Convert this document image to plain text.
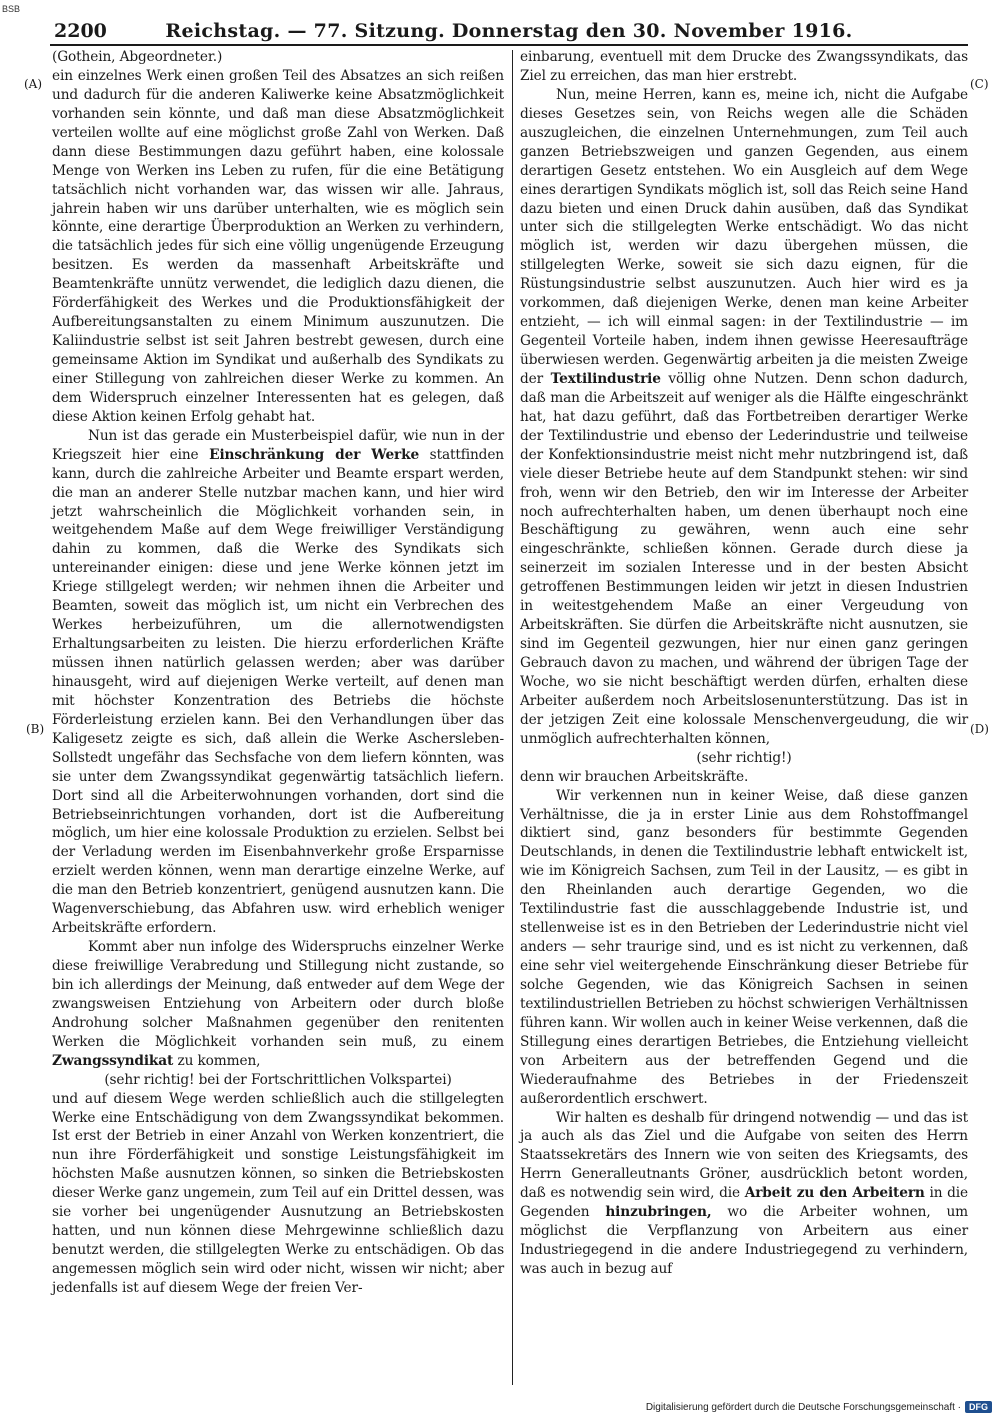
BSB
2200	Reichstag. — 77. Sitzung. Donnerstag den 30. November 1916.
(A)
(B)
(C)
(D)

(Gothein, Abgeordneter.)

ein einzelnes Werk einen großen Teil des Absatzes an sich reißen und dadurch für die anderen Kaliwerke keine Absatzmöglichkeit vorhanden sein könnte, und daß man diese Absatzmöglichkeit verteilen wollte auf eine möglichst große Zahl von Werken. Daß dann diese Bestimmungen dazu geführt haben, eine kolossale Menge von Werken ins Leben zu rufen, für die eine Betätigung tatsächlich nicht vorhanden war, das wissen wir alle. Jahraus, jahrein haben wir uns darüber unterhalten, wie es möglich sein könnte, eine derartige Überproduktion an Werken zu verhindern, die tatsächlich jedes für sich eine völlig ungenügende Erzeugung besitzen. Es werden da massenhaft Arbeitskräfte und Beamtenkräfte unnütz verwendet, die lediglich dazu dienen, die Förderfähigkeit des Werkes und die Produktionsfähigkeit der Aufbereitungsanstalten zu einem Minimum auszunutzen. Die Kaliindustrie selbst ist seit Jahren bestrebt gewesen, durch eine gemeinsame Aktion im Syndikat und außerhalb des Syndikats zu einer Stillegung von zahlreichen dieser Werke zu kommen. An dem Widerspruch einzelner Interessenten hat es gelegen, daß diese Aktion keinen Erfolg gehabt hat.

Nun ist das gerade ein Musterbeispiel dafür, wie nun in der Kriegszeit hier eine Einschränkung der Werke stattfinden kann, durch die zahlreiche Arbeiter und Beamte erspart werden, die man an anderer Stelle nutzbar machen kann, und hier wird jetzt wahrscheinlich die Möglichkeit vorhanden sein, in weitgehendem Maße auf dem Wege freiwilliger Verständigung dahin zu kommen, daß die Werke des Syndikats sich untereinander einigen: diese und jene Werke können jetzt im Kriege stillgelegt werden; wir nehmen ihnen die Arbeiter und Beamten, soweit das möglich ist, um nicht ein Verbrechen des Werkes herbeizuführen, um die allernotwendigsten Erhaltungsarbeiten zu leisten. Die hierzu erforderlichen Kräfte müssen ihnen natürlich gelassen werden; aber was darüber hinausgeht, wird auf diejenigen Werke verteilt, auf denen man mit höchster Konzentration des Betriebs die höchste Förderleistung erzielen kann. Bei den Verhandlungen über das Kaligesetz zeigte es sich, daß allein die Werke Aschersleben-Sollstedt ungefähr das Sechsfache von dem liefern könnten, was sie unter dem Zwangssyndikat gegenwärtig tatsächlich liefern. Dort sind all die Arbeiterwohnungen vorhanden, dort sind die Betriebseinrichtungen vorhanden, dort ist die Aufbereitung möglich, um hier eine kolossale Produktion zu erzielen. Selbst bei der Verladung werden im Eisenbahnverkehr große Ersparnisse erzielt werden können, wenn man derartige einzelne Werke, auf die man den Betrieb konzentriert, genügend ausnutzen kann. Die Wagenverschiebung, das Abfahren usw. wird erheblich weniger Arbeitskräfte erfordern.

Kommt aber nun infolge des Widerspruchs einzelner Werke diese freiwillige Verabredung und Stillegung nicht zustande, so bin ich allerdings der Meinung, daß entweder auf dem Wege der zwangsweisen Entziehung von Arbeitern oder durch bloße Androhung solcher Maßnahmen gegenüber den renitenten Werken die Möglichkeit vorhanden sein muß, zu einem Zwangssyndikat zu kommen,

(sehr richtig! bei der Fortschrittlichen Volkspartei)

und auf diesem Wege werden schließlich auch die stillgelegten Werke eine Entschädigung von dem Zwangssyndikat bekommen. Ist erst der Betrieb in einer Anzahl von Werken konzentriert, die nun ihre Förderfähigkeit und sonstige Leistungsfähigkeit im höchsten Maße ausnutzen können, so sinken die Betriebskosten dieser Werke ganz ungemein, zum Teil auf ein Drittel dessen, was sie vorher bei ungenügender Ausnutzung an Betriebskosten hatten, und nun können diese Mehrgewinne schließlich dazu benutzt werden, die stillgelegten Werke zu entschädigen. Ob das angemessen möglich sein wird oder nicht, wissen wir nicht; aber jedenfalls ist auf diesem Wege der freien Ver-

einbarung, eventuell mit dem Drucke des Zwangssyndikats, das Ziel zu erreichen, das man hier erstrebt.

Nun, meine Herren, kann es, meine ich, nicht die Aufgabe dieses Gesetzes sein, von Reichs wegen alle die Schäden auszugleichen, die einzelnen Unternehmungen, zum Teil auch ganzen Betriebszweigen und ganzen Gegenden, aus einem derartigen Gesetz entstehen. Wo ein Ausgleich auf dem Wege eines derartigen Syndikats möglich ist, soll das Reich seine Hand dazu bieten und einen Druck dahin ausüben, daß das Syndikat unter sich die stillgelegten Werke entschädigt. Wo das nicht möglich ist, werden wir dazu übergehen müssen, die stillgelegten Werke, soweit sie sich dazu eignen, für die Rüstungsindustrie selbst auszunutzen. Auch hier wird es ja vorkommen, daß diejenigen Werke, denen man keine Arbeiter entzieht, — ich will einmal sagen: in der Textilindustrie — im Gegenteil Vorteile haben, indem ihnen gewisse Heeresaufträge überwiesen werden. Gegenwärtig arbeiten ja die meisten Zweige der Textilindustrie völlig ohne Nutzen. Denn schon dadurch, daß man die Arbeitszeit auf weniger als die Hälfte eingeschränkt hat, hat dazu geführt, daß das Fortbetreiben derartiger Werke der Textilindustrie und ebenso der Lederindustrie und teilweise der Konfektionsindustrie meist nicht mehr nutzbringend ist, daß viele dieser Betriebe heute auf dem Standpunkt stehen: wir sind froh, wenn wir den Betrieb, den wir im Interesse der Arbeiter noch aufrechterhalten haben, um denen überhaupt noch eine Beschäftigung zu gewähren, wenn auch eine sehr eingeschränkte, schließen können. Gerade durch diese ja seinerzeit im sozialen Interesse und in der besten Absicht getroffenen Bestimmungen leiden wir jetzt in diesen Industrien in weitestgehendem Maße an einer Vergeudung von Arbeitskräften. Sie dürfen die Arbeitskräfte nicht ausnutzen, sie sind im Gegenteil gezwungen, hier nur einen ganz geringen Gebrauch davon zu machen, und während der übrigen Tage der Woche, wo sie nicht beschäftigt werden dürfen, erhalten diese Arbeiter außerdem noch Arbeitslosenunterstützung. Das ist in der jetzigen Zeit eine kolossale Menschenvergeudung, die wir unmöglich aufrechterhalten können,

(sehr richtig!)

denn wir brauchen Arbeitskräfte.

Wir verkennen nun in keiner Weise, daß diese ganzen Verhältnisse, die ja in erster Linie aus dem Rohstoffmangel diktiert sind, ganz besonders für bestimmte Gegenden Deutschlands, in denen die Textilindustrie lebhaft entwickelt ist, wie im Königreich Sachsen, zum Teil in der Lausitz, — es gibt in den Rheinlanden auch derartige Gegenden, wo die Textilindustrie fast die ausschlaggebende Industrie ist, und stellenweise ist es in den Betrieben der Lederindustrie nicht viel anders — sehr traurige sind, und es ist nicht zu verkennen, daß eine sehr viel weitergehende Einschränkung dieser Betriebe für solche Gegenden, wie das Königreich Sachsen in seinen textilindustriellen Betrieben zu höchst schwierigen Verhältnissen führen kann. Wir wollen auch in keiner Weise verkennen, daß die Stillegung eines derartigen Betriebes, die Entziehung vielleicht von Arbeitern aus der betreffenden Gegend und die Wiederaufnahme des Betriebes in der Friedenszeit außerordentlich erschwert.

Wir halten es deshalb für dringend notwendig — und das ist ja auch als das Ziel und die Aufgabe von seiten des Herrn Staatssekretärs des Innern wie von seiten des Kriegsamts, des Herrn Generalleutnants Gröner, ausdrücklich betont worden, daß es notwendig sein wird, die Arbeit zu den Arbeitern in die Gegenden hinzubringen, wo die Arbeiter wohnen, um möglichst die Verpflanzung von Arbeitern aus einer Industriegegend in die andere Industriegegend zu verhindern, was auch in bezug auf

Digitalisierung gefördert durch die Deutsche Forschungsgemeinschaft · DFG
